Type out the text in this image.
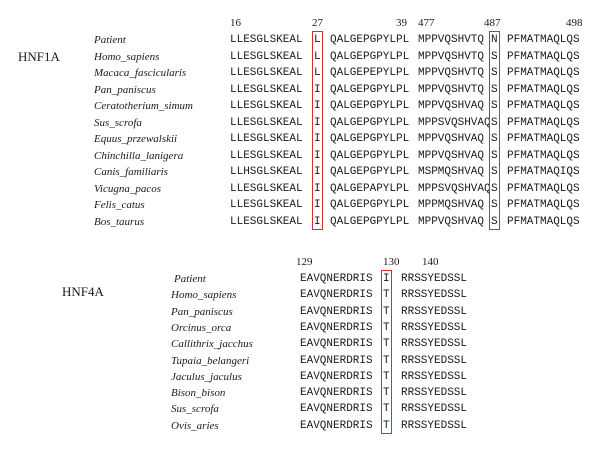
HNF1A
16	27	39 477	487	498
Patient	LLESGLSKEAL L QALGEPGPYLPL MPPVQSHVTQ N PFMATMAQLQS
Homo_sapiens	LLESGLSKEAL L QALGEPGPYLPL MPPVQSHVTQ S PFMATMAQLQS
Macaca_fascicularis	LLESGLSKEAL L QALGEPEPYLPL MPPVQSHVTQ S PFMATMAQLQS
Pan_paniscus	LLESGLSKEAL I QALGEPGPYLPL MPPVQSHVTQ S PFMATMAQLQS
Ceratotherium_simum	LLESGLSKEAL I QALGEPGPYLPL MPPVQSHVAQ S PFMATMAQLQS
Sus_scrofa	LLESGLSKEAL I QALGEPGPYLPL MPPSVQSHVAQ S PFMATMAQLQS
Equus_przewalskii	LLESGLSKEAL I QALGEPGPYLPL MPPVQSHVAQ S PFMATMAQLQS
Chinchilla_lanigera	LLESGLSKEAL I QALGEPGPYLPL MPPVQSHVAQ S PFMATMAQLQS
Canis_familiaris	LLHSGLSKEAL I QALGEPGPYLPL MSPMQSHVAQ S PFMATMAQIQS
Vicugna_pacos	LLESGLSKEAL I QALGEPAPYLPL MPPSVQSHVAQ S PFMATMAQLQS
Felis_catus	LLESGLSKEAL I QALGEPGPYLPL MPPMQSHVAQ S PFMATMAQLQS
Bos_taurus	LLESGLSKEAL I QALGEPGPYLPL MPPVQSHVAQ S PFMATMAQLQS
HNF4A
129	130 140
Patient	EAVQNERDRIS I RRSSYEDSSL
Homo_sapiens	EAVQNERDRIS T RRSSYEDSSL
Pan_paniscus	EAVQNERDRIS T RRSSYEDSSL
Orcinus_orca	EAVQNERDRIS T RRSSYEDSSL
Callithrix_jacchus	EAVQNERDRIS T RRSSYEDSSL
Tupaia_belangeri	EAVQNERDRIS T RRSSYEDSSL
Jaculus_jaculus	EAVQNERDRIS T RRSSYEDSSL
Bison_bison	EAVQNERDRIS T RRSSYEDSSL
Sus_scrofa	EAVQNERDRIS T RRSSYEDSSL
Ovis_aries	EAVQNERDRIS T RRSSYEDSSL
